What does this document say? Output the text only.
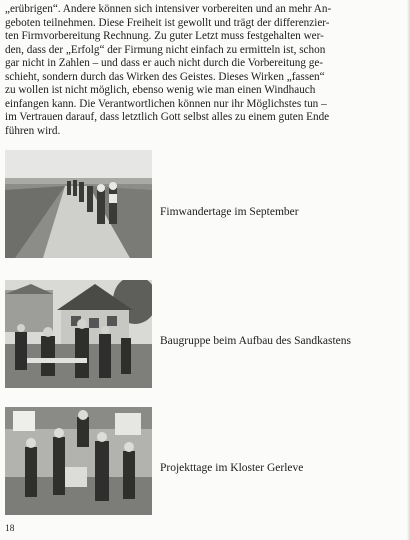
„erübrigen“. Andere können sich intensiver vorbereiten und an mehr An-
geboten teilnehmen. Diese Freiheit ist gewollt und trägt der differenzier-
ten Firmvorbereitung Rechnung. Zu guter Letzt muss festgehalten wer-
den, dass der „Erfolg“ der Firmung nicht einfach zu ermitteln ist, schon
gar nicht in Zahlen – und dass er auch nicht durch die Vorbereitung ge-
schieht, sondern durch das Wirken des Geistes. Dieses Wirken „fassen“
zu wollen ist nicht möglich, ebenso wenig wie man einen Windhauch
einfangen kann. Die Verantwortlichen können nur ihr Möglichstes tun –
im Vertrauen darauf, dass letztlich Gott selbst alles zu einem guten Ende
führen wird.
Fimwandertage im September
Baugruppe beim Aufbau des Sandkastens
Projekttage im Kloster Gerleve
18
